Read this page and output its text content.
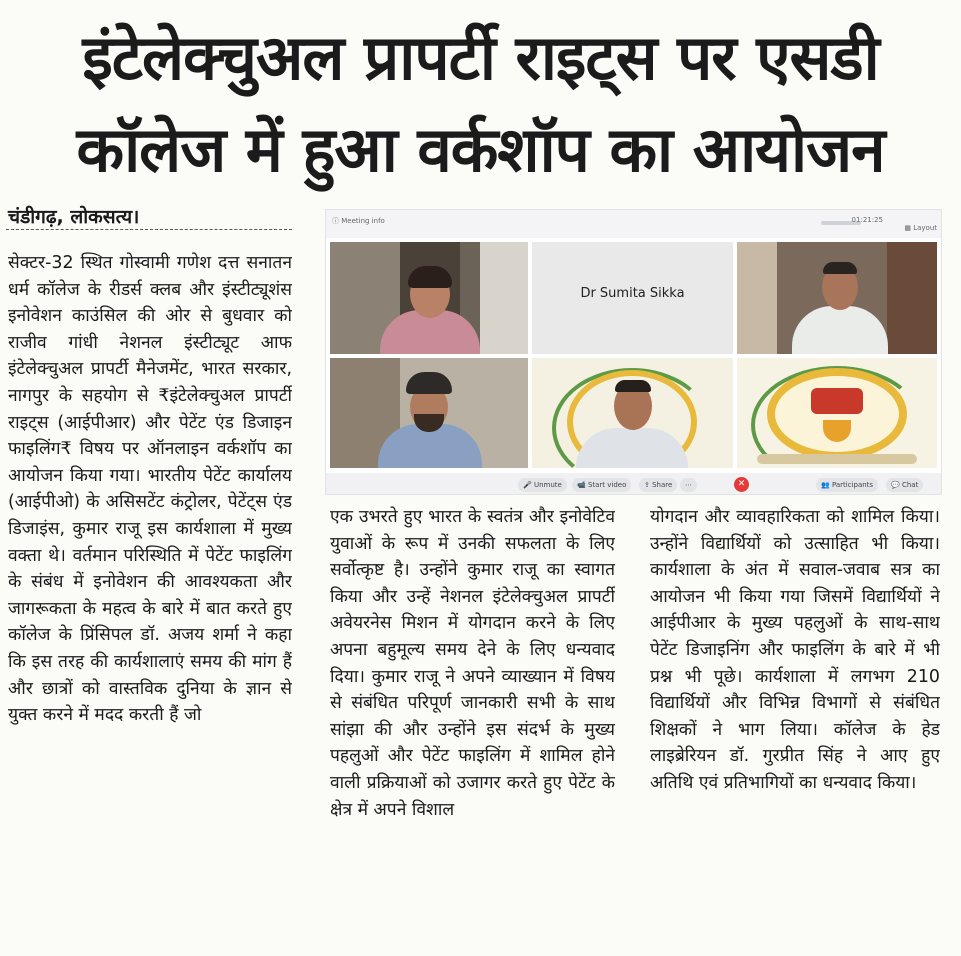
इंटेलेक्चुअल प्रापर्टी राइट्स पर एसडी
कॉलेज में हुआ वर्कशॉप का आयोजन
चंडीगढ़, लोकसत्य।

सेक्टर-32 स्थित गोस्वामी गणेश दत्त सनातन धर्म कॉलेज के रीडर्स क्लब और इंस्टीट्यूशंस इनोवेशन काउंसिल की ओर से बुधवार को राजीव गांधी नेशनल इंस्टीट्यूट आफ इंटेलेक्चुअल प्रापर्टी मैनेजमेंट, भारत सरकार, नागपुर के सहयोग से ₹इंटेलेक्चुअल प्रापर्टी राइट्स (आईपीआर) और पेटेंट एंड डिजाइन फाइलिंग₹ विषय पर ऑनलाइन वर्कशॉप का आयोजन किया गया। भारतीय पेटेंट कार्यालय (आईपीओ) के असिसटेंट कंट्रोलर, पेटेंट्स एंड डिजाइंस, कुमार राजू इस कार्यशाला में मुख्य वक्ता थे। वर्तमान परिस्थिति में पेटेंट फाइलिंग के संबंध में इनोवेशन की आवश्यकता और जागरूकता के महत्व के बारे में बात करते हुए कॉलेज के प्रिंसिपल डॉ. अजय शर्मा ने कहा कि इस तरह की कार्यशालाएं समय की मांग हैं और छात्रों को वास्तविक दुनिया के ज्ञान से युक्त करने में मदद करती हैं जो

एक उभरते हुए भारत के स्वतंत्र और इनोवेटिव युवाओं के रूप में उनकी सफलता के लिए सर्वोत्कृष्ट है। उन्होंने कुमार राजू का स्वागत किया और उन्हें नेशनल इंटेलेक्चुअल प्रापर्टी अवेयरनेस मिशन में योगदान करने के लिए अपना बहुमूल्य समय देने के लिए धन्यवाद दिया। कुमार राजू ने अपने व्याख्यान में विषय से संबंधित परिपूर्ण जानकारी सभी के साथ सांझा की और उन्होंने इस संदर्भ के मुख्य पहलुओं और पेटेंट फाइलिंग में शामिल होने वाली प्रक्रियाओं को उजागर करते हुए पेटेंट के क्षेत्र में अपने विशाल

योगदान और व्यावहारिकता को शामिल किया। उन्होंने विद्यार्थियों को उत्साहित भी किया। कार्यशाला के अंत में सवाल-जवाब सत्र का आयोजन भी किया गया जिसमें विद्यार्थियों ने आईपीआर के मुख्य पहलुओं के साथ-साथ पेटेंट डिजाइनिंग और फाइलिंग के बारे में भी प्रश्न भी पूछे। कार्यशाला में लगभग 210 विद्यार्थियों और विभिन्न विभागों से संबंधित शिक्षकों ने भाग लिया। कॉलेज के हेड लाइब्रेरियन डॉ. गुरप्रीत सिंह ने आए हुए अतिथि एवं प्रतिभागियों का धन्यवाद किया।

ⓘ Meeting info	01:21:25
▦ Layout
Dr Sumita Sikka
🎤 Unmute	📹 Start video	⇪ Share	⋯	✕	👥 Participants	💬 Chat
